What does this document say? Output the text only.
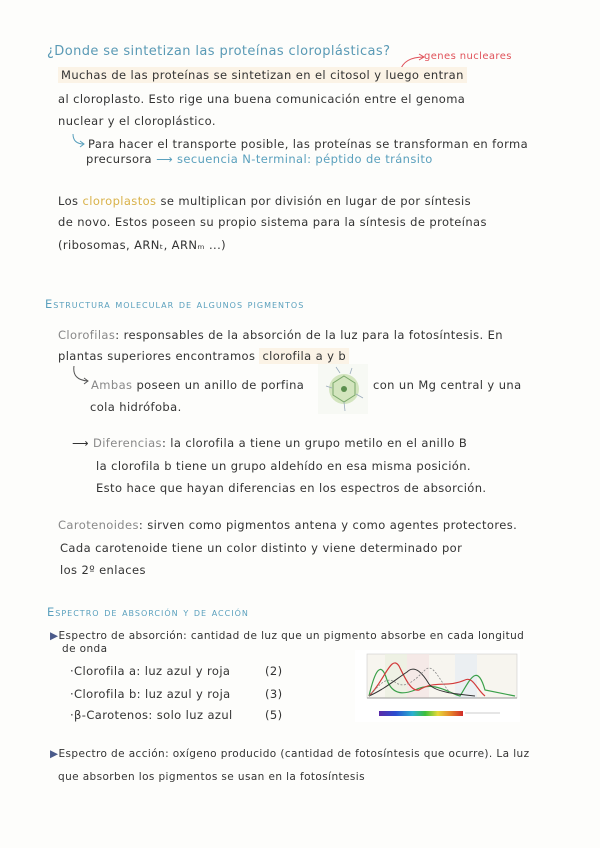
¿Donde se sintetizan las proteínas cloroplásticas?	genes nucleares
Muchas de las proteínas se sintetizan en el citosol y luego entran
al cloroplasto. Esto rige una buena comunicación entre el genoma
nuclear y el cloroplástico.
Para hacer el transporte posible, las proteínas se transforman en forma
precursora ⟶ secuencia N-terminal: péptido de tránsito
Los cloroplastos se multiplican por división en lugar de por síntesis
de novo. Estos poseen su propio sistema para la síntesis de proteínas
(ribosomas, ARNₜ, ARNₘ ...)
Estructura molecular de algunos pigmentos
Clorofilas: responsables de la absorción de la luz para la fotosíntesis. En
plantas superiores encontramos clorofila a y b
Ambas poseen un anillo de porfina	con un Mg central y una
cola hidrófoba.
⟶ Diferencias: la clorofila a tiene un grupo metilo en el anillo B
la clorofila b tiene un grupo aldehído en esa misma posición.
Esto hace que hayan diferencias en los espectros de absorción.
Carotenoides: sirven como pigmentos antena y como agentes protectores.
Cada carotenoide tiene un color distinto y viene determinado por
los 2º enlaces
Espectro de absorción y de acción
▶Espectro de absorción: cantidad de luz que un pigmento absorbe en cada longitud
de onda
·Clorofila a: luz azul y roja	(2)
·Clorofila b: luz azul y roja	(3)
·β-Carotenos: solo luz azul	(5)
▶Espectro de acción: oxígeno producido (cantidad de fotosíntesis que ocurre). La luz
que absorben los pigmentos se usan en la fotosíntesis
